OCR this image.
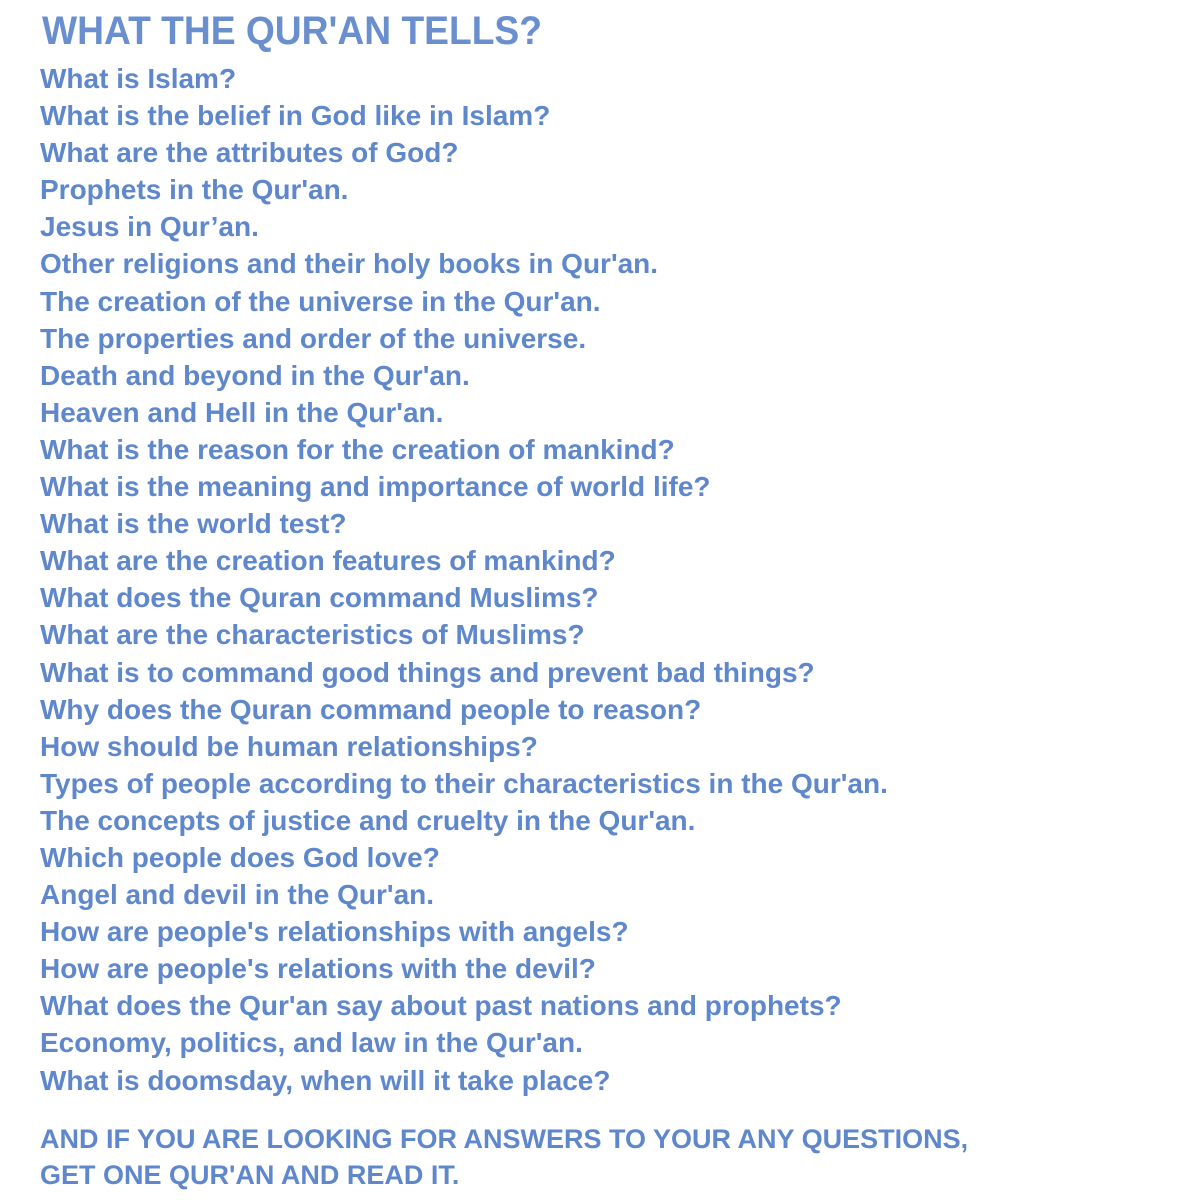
WHAT THE QUR'AN TELLS?
What is Islam?
What is the belief in God like in Islam?
What are the attributes of God?
Prophets in the Qur'an.
Jesus in Qur’an.
Other religions and their holy books in Qur'an.
The creation of the universe in the Qur'an.
The properties and order of the universe.
Death and beyond in the Qur'an.
Heaven and Hell in the Qur'an.
What is the reason for the creation of mankind?
What is the meaning and importance of world life?
What is the world test?
What are the creation features of mankind?
What does the Quran command Muslims?
What are the characteristics of Muslims?
What is to command good things and prevent bad things?
Why does the Quran command people to reason?
How should be human relationships?
Types of people according to their characteristics in the Qur'an.
The concepts of justice and cruelty in the Qur'an.
Which people does God love?
Angel and devil in the Qur'an.
How are people's relationships with angels?
How are people's relations with the devil?
What does the Qur'an say about past nations and prophets?
Economy, politics, and law in the Qur'an.
What is doomsday, when will it take place?
AND IF YOU ARE LOOKING FOR ANSWERS TO YOUR ANY QUESTIONS,
GET ONE QUR'AN AND READ IT.
